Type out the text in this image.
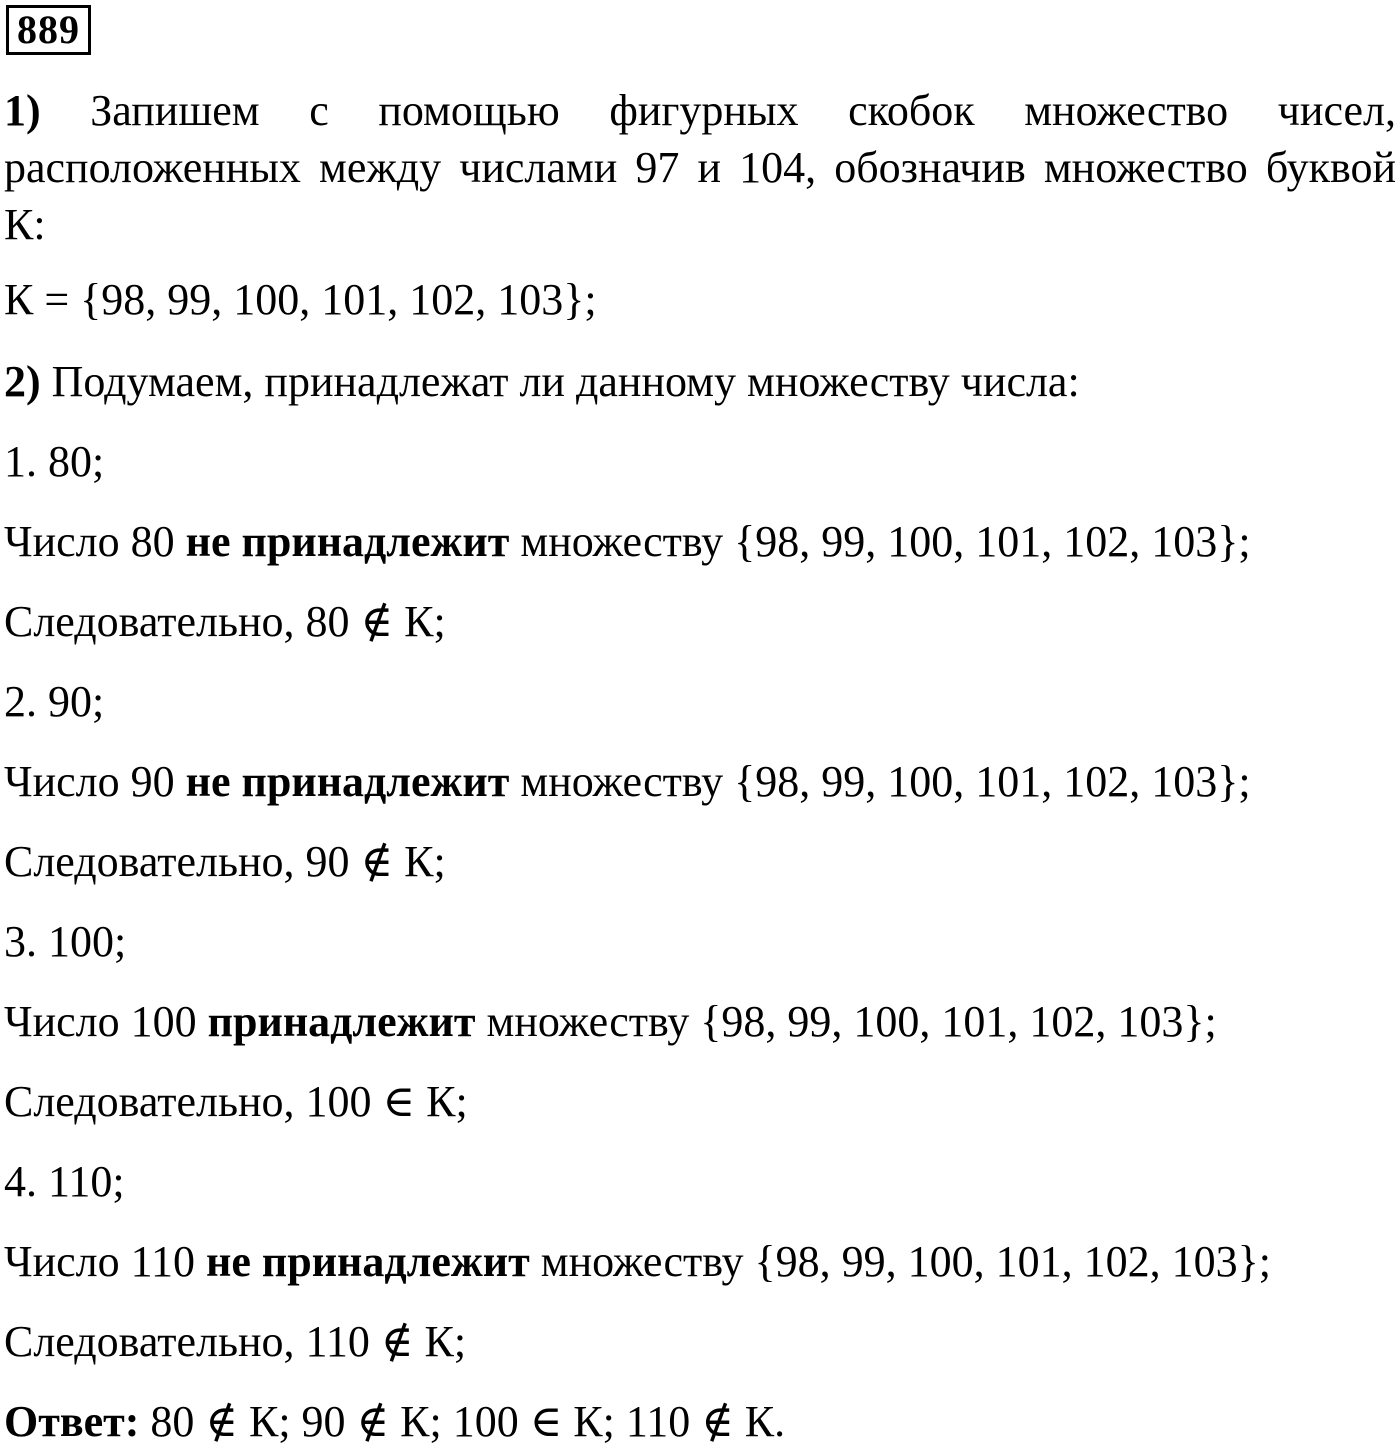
889
1) Запишем с помощью фигурных скобок множество чисел,
расположенных между числами 97 и 104, обозначив множество буквой
К:
К = {98, 99, 100, 101, 102, 103};
2) Подумаем, принадлежат ли данному множеству числа:
1. 80;
Число 80 не принадлежит множеству {98, 99, 100, 101, 102, 103};
Следовательно, 80 ∉ К;
2. 90;
Число 90 не принадлежит множеству {98, 99, 100, 101, 102, 103};
Следовательно, 90 ∉ К;
3. 100;
Число 100 принадлежит множеству {98, 99, 100, 101, 102, 103};
Следовательно, 100 ∈ К;
4. 110;
Число 110 не принадлежит множеству {98, 99, 100, 101, 102, 103};
Следовательно, 110 ∉ К;
Ответ: 80 ∉ К; 90 ∉ К; 100 ∈ К; 110 ∉ К.
